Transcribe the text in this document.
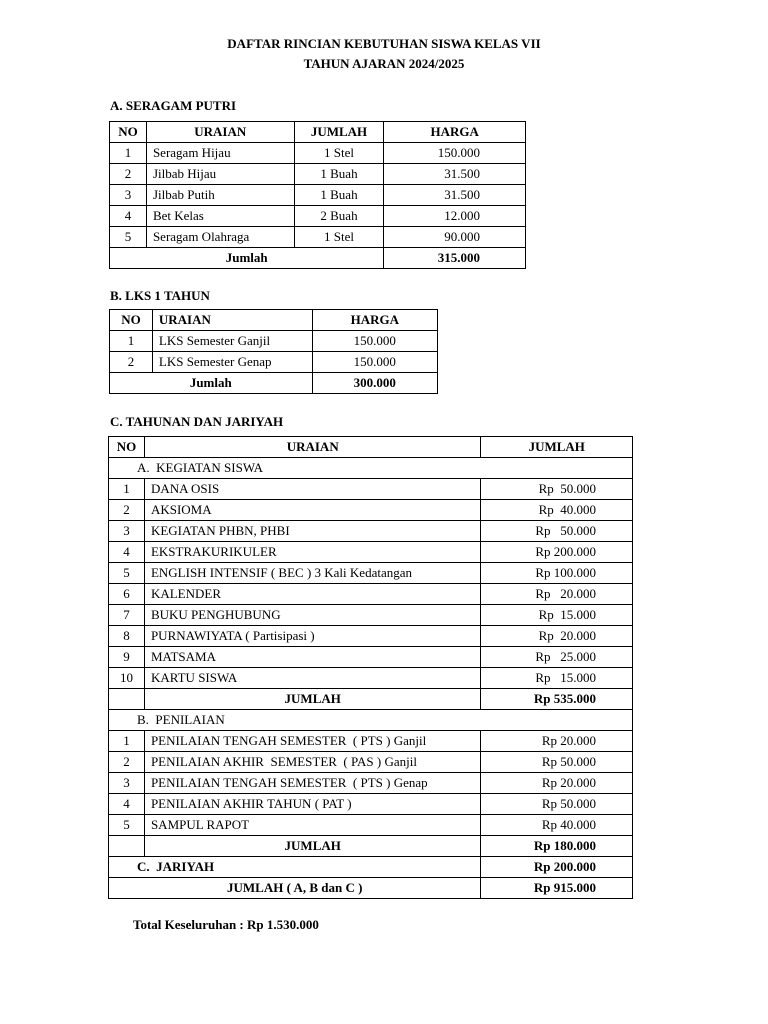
DAFTAR RINCIAN KEBUTUHAN SISWA KELAS VII
TAHUN AJARAN 2024/2025
A. SERAGAM PUTRI
NO	URAIAN	JUMLAH	HARGA
1	Seragam Hijau	1 Stel	150.000
2	Jilbab Hijau	1 Buah	31.500
3	Jilbab Putih	1 Buah	31.500
4	Bet Kelas	2 Buah	12.000
5	Seragam Olahraga	1 Stel	90.000
Jumlah			315.000
B. LKS 1 TAHUN
NO	URAIAN	HARGA
1	LKS Semester Ganjil	150.000
2	LKS Semester Genap	150.000
Jumlah		300.000
C. TAHUNAN DAN JARIYAH
NO	URAIAN	JUMLAH
A.  KEGIATAN SISWA		
1	DANA OSIS	Rp  50.000
2	AKSIOMA	Rp  40.000
3	KEGIATAN PHBN, PHBI	Rp   50.000
4	EKSTRAKURIKULER	Rp 200.000
5	ENGLISH INTENSIF ( BEC ) 3 Kali Kedatangan	Rp 100.000
6	KALENDER	Rp   20.000
7	BUKU PENGHUBUNG	Rp  15.000
8	PURNAWIYATA ( Partisipasi )	Rp  20.000
9	MATSAMA	Rp   25.000
10	KARTU SISWA	Rp   15.000
	JUMLAH	Rp 535.000
B.  PENILAIAN		
1	PENILAIAN TENGAH SEMESTER  ( PTS ) Ganjil	Rp 20.000
2	PENILAIAN AKHIR  SEMESTER  ( PAS ) Ganjil	Rp 50.000
3	PENILAIAN TENGAH SEMESTER  ( PTS ) Genap	Rp 20.000
4	PENILAIAN AKHIR TAHUN ( PAT )	Rp 50.000
5	SAMPUL RAPOT	Rp 40.000
	JUMLAH	Rp 180.000
C.  JARIYAH		Rp 200.000
JUMLAH ( A, B dan C )		Rp 915.000
Total Keseluruhan : Rp 1.530.000
